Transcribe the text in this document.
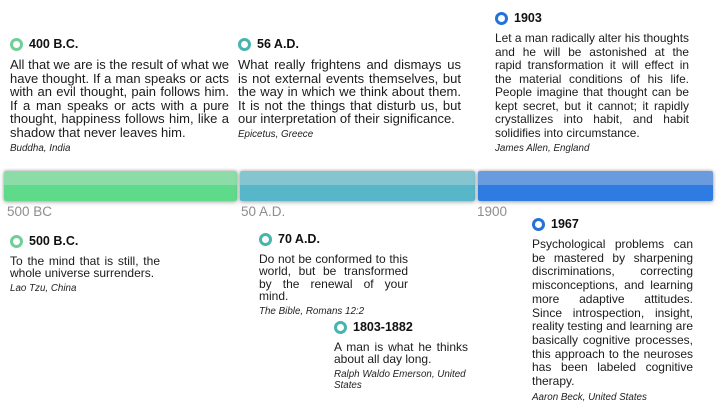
400 B.C.
All that we are is the result of what we have thought. If a man speaks or acts with an evil thought, pain follows him. If a man speaks or acts with a pure thought, happiness follows him, like a shadow that never leaves him.
Buddha, India
56 A.D.
What really frightens and dismays us is not external events themselves, but the way in which we think about them. It is not the things that disturb us, but our interpretation of their significance.
Epicetus, Greece
1903
Let a man radically alter his thoughts and he will be astonished at the rapid transformation it will effect in the material conditions of his life. People imagine that thought can be kept secret, but it cannot; it rapidly crystallizes into habit, and habit solidifies into circumstance.
James Allen, England
500 BC	50 A.D.	1900
500 B.C.
To the mind that is still, the whole universe surrenders.
Lao Tzu, China
70 A.D.
Do not be conformed to this world, but be transformed by the renewal of your mind.
The Bible, Romans 12:2
1803-1882
A man is what he thinks about all day long.
Ralph Waldo Emerson, United States
1967
Psychological problems can be mastered by sharpening discriminations, correcting misconceptions, and learning more adaptive attitudes. Since introspection, insight, reality testing and learning are basically cognitive processes, this approach to the neuroses has been labeled cognitive therapy.
Aaron Beck, United States
